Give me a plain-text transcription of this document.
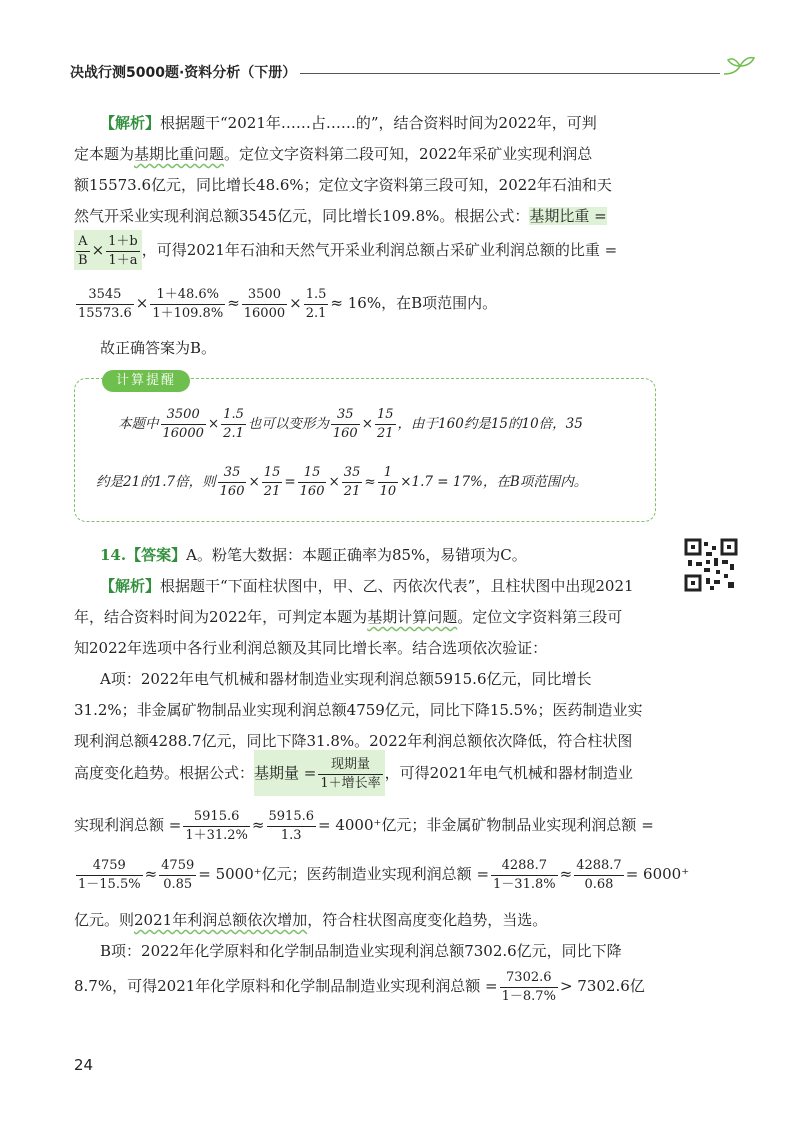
决战行测5000题·资料分析（下册）
【解析】根据题干“2021年……占……的”，结合资料时间为2022年，可判
定本题为基期比重问题。定位文字资料第二段可知，2022年采矿业实现利润总
额15573.6亿元，同比增长48.6%；定位文字资料第三段可知，2022年石油和天
然气开采业实现利润总额3545亿元，同比增长109.8%。根据公式：基期比重 =
$\frac{A}{B} \times \frac{1+b}{1+a}$ ，可得2021年石油和天然气开采业利润总额占采矿业利润总额的比重 =
$\frac{3545}{15573.6} \times \frac{1+48.6\%}{1+109.8\%} \approx \frac{3500}{16000} \times \frac{1.5}{2.1} \approx 16\%$，在B项范围内。
故正确答案为B。
计算提醒
本题中 $\frac{3500}{16000} \times \frac{1.5}{2.1}$ 也可以变形为 $\frac{35}{160} \times \frac{15}{21}$ ，由于160约是15的10倍，35
约是21的1.7倍，则 $\frac{35}{160} \times \frac{15}{21} = \frac{15}{160} \times \frac{35}{21} \approx \frac{1}{10} \times 1.7 = 17\%$，在B项范围内。
14.【答案】A。粉笔大数据：本题正确率为85%，易错项为C。
【解析】根据题干“下面柱状图中，甲、乙、丙依次代表”，且柱状图中出现2021
年，结合资料时间为2022年，可判定本题为基期计算问题。定位文字资料第三段可
知2022年选项中各行业利润总额及其同比增长率。结合选项依次验证：
A项：2022年电气机械和器材制造业实现利润总额5915.6亿元，同比增长
31.2%；非金属矿物制品业实现利润总额4759亿元，同比下降15.5%；医药制造业实
现利润总额4288.7亿元，同比下降31.8%。2022年利润总额依次降低，符合柱状图
高度变化趋势。根据公式：基期量 = $\frac{\text{现期量}}{\text{1＋增长率}}$ ，可得2021年电气机械和器材制造业
实现利润总额 = $\frac{5915.6}{1+31.2\%} \approx \frac{5915.6}{1.3} = 4000^+$亿元；非金属矿物制品业实现利润总额 =
$\frac{4759}{1-15.5\%} \approx \frac{4759}{0.85} = 5000^+$亿元；医药制造业实现利润总额 = $\frac{4288.7}{1-31.8\%} \approx \frac{4288.7}{0.68} = 6000^+$
亿元。则2021年利润总额依次增加，符合柱状图高度变化趋势，当选。
B项：2022年化学原料和化学制品制造业实现利润总额7302.6亿元，同比下降
8.7%，可得2021年化学原料和化学制品制造业实现利润总额 = $\frac{7302.6}{1-8.7\%} > 7302.6$亿
24
